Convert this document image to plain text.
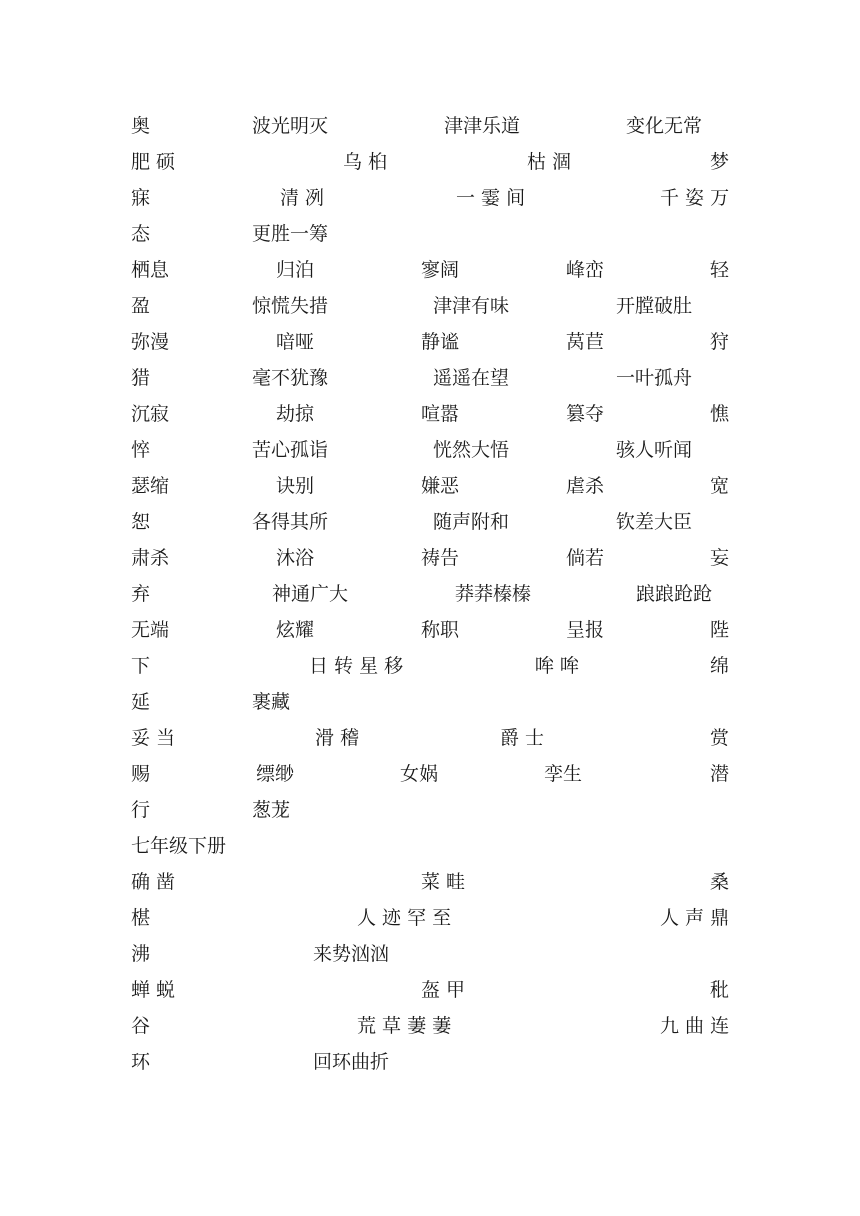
奥	波光明灭	津津乐道	变化无常
肥 硕	乌 桕	枯 涸	梦
寐	清 冽	一 霎 间	千 姿 万
态	更胜一筹
栖息	归泊	寥阔	峰峦	轻
盈	惊慌失措	津津有味	开膛破肚
弥漫	喑哑	静谧	莴苣	狩
猎	毫不犹豫	遥遥在望	一叶孤舟
沉寂	劫掠	喧嚣	篡夺	憔
悴	苦心孤诣	恍然大悟	骇人听闻
瑟缩	诀别	嫌恶	虐杀	宽
恕	各得其所	随声附和	钦差大臣
肃杀	沐浴	祷告	倘若	妄
弃	神通广大	莽莽榛榛	踉踉跄跄
无端	炫耀	称职	呈报	陛
下	日 转 星 移	哞 哞	绵
延	裹藏
妥 当	滑 稽	爵 士	赏
赐	缥缈	女娲	孪生	潜
行	葱茏
七年级下册
确 凿	菜 畦	桑
椹	人 迹 罕 至	人 声 鼎
沸	来势汹汹
蝉 蜕	盔 甲	秕
谷	荒 草 萋 萋	九 曲 连
环	回环曲折
